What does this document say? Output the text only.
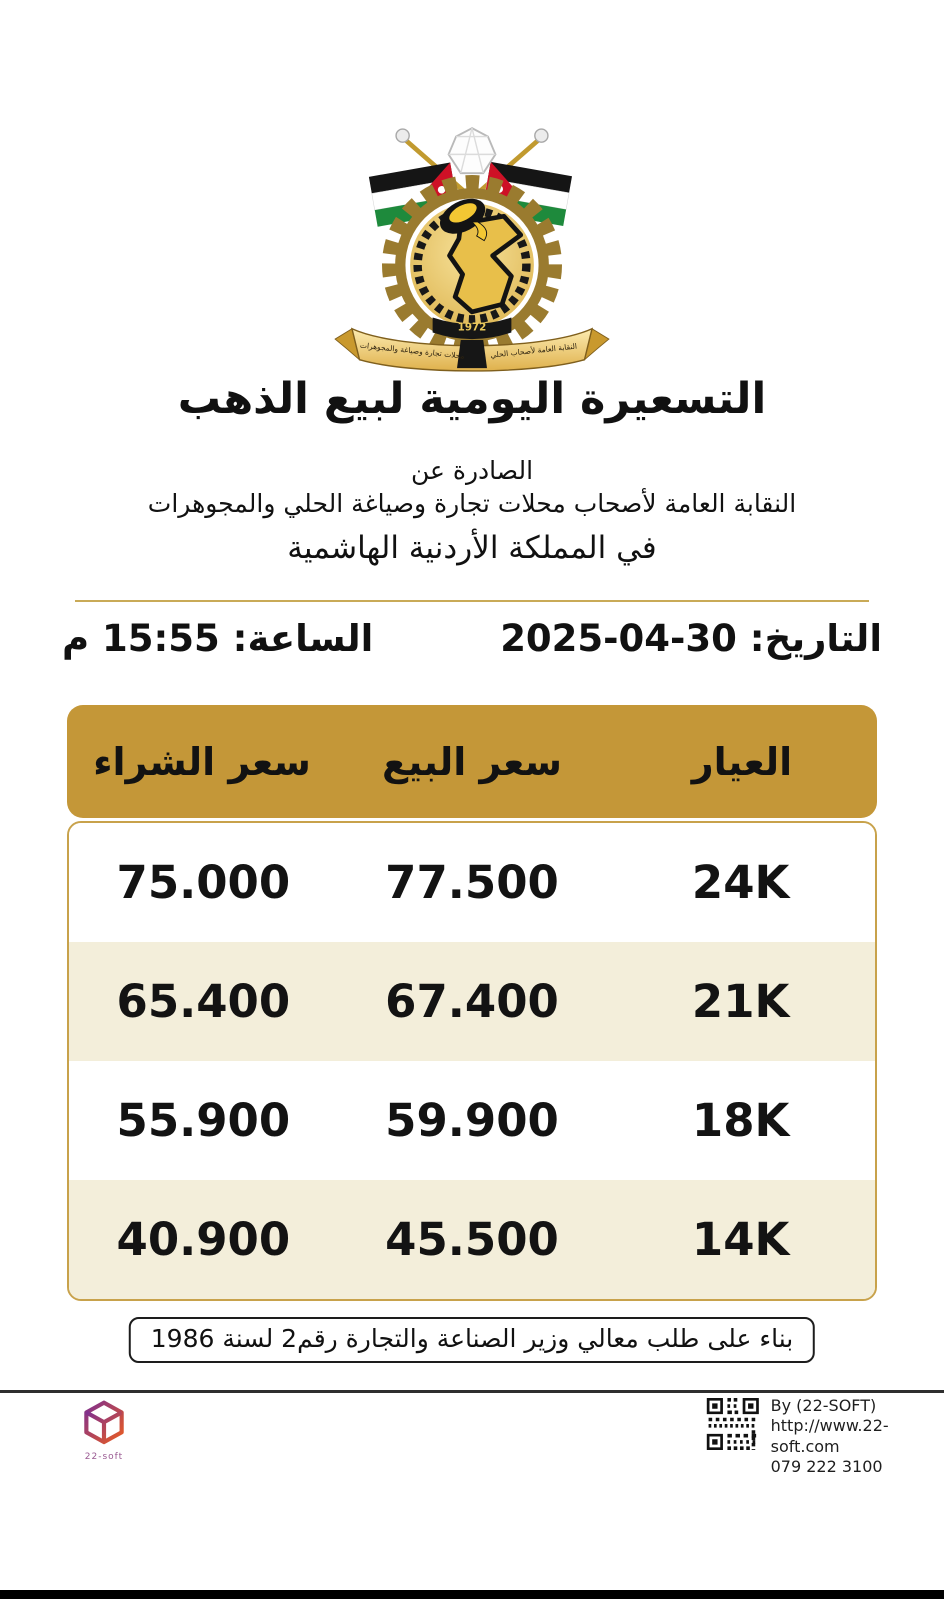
1972
محلات تجارة وصياغة والمجوهرات	النقابة العامة لأصحاب الحلي
التسعيرة اليومية لبيع الذهب
الصادرة عن
النقابة العامة لأصحاب محلات تجارة وصياغة الحلي والمجوهرات
في المملكة الأردنية الهاشمية
التاريخ: 30-04-2025
الساعة: 15:55 م
العيار
سعر البيع
سعر الشراء
24K
77.500
75.000
21K
67.400
65.400
18K
59.900
55.900
14K
45.500
40.900
بناء على طلب معالي وزير الصناعة والتجارة رقم2 لسنة 1986
22-soft
By (22-SOFT)
http://www.22-soft.com
079 222 3100
